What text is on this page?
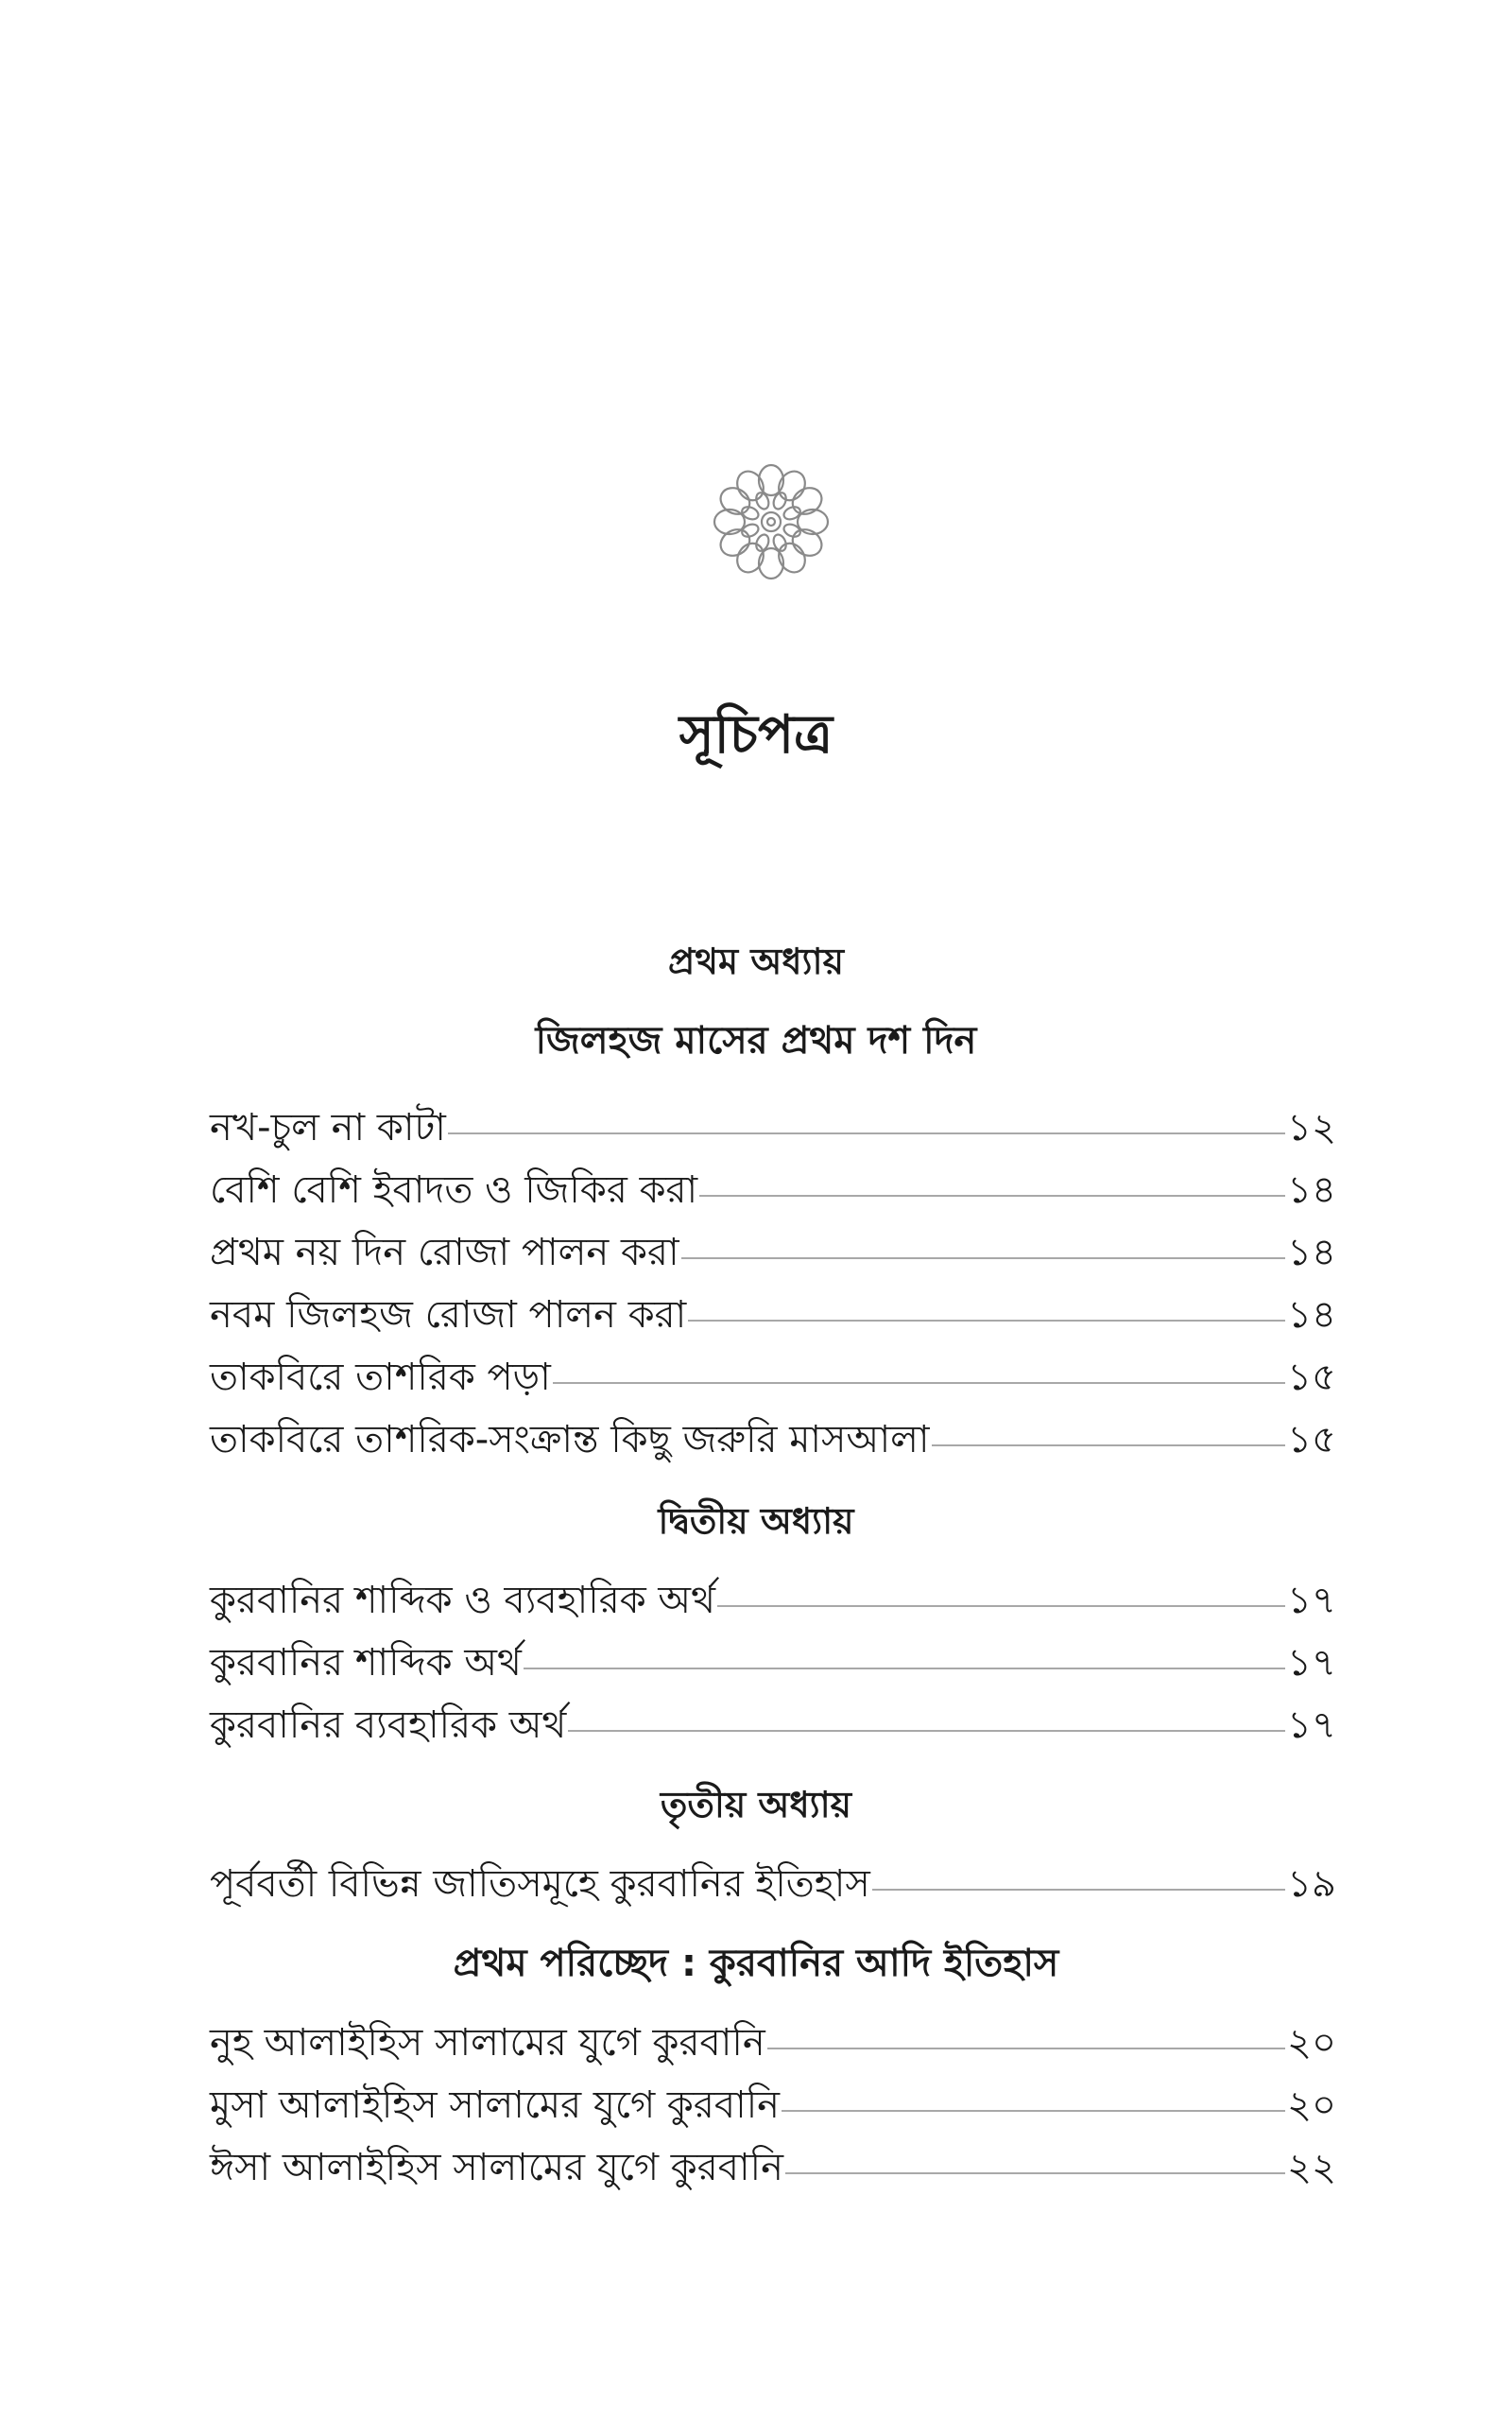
সূচিপত্র
প্রথম অধ্যায়
জিলহজ মাসের প্রথম দশ দিন
নখ-চুল না কাটা	১২
বেশি বেশি ইবাদত ও জিকির করা	১৪
প্রথম নয় দিন রোজা পালন করা	১৪
নবম জিলহজ রোজা পালন করা	১৪
তাকবিরে তাশরিক পড়া	১৫
তাকবিরে তাশরিক-সংক্রান্ত কিছু জরুরি মাসআলা	১৫
দ্বিতীয় অধ্যায়
কুরবানির শাব্দিক ও ব্যবহারিক অর্থ	১৭
কুরবানির শাব্দিক অর্থ	১৭
কুরবানির ব্যবহারিক অর্থ	১৭
তৃতীয় অধ্যায়
পূর্ববর্তী বিভিন্ন জাতিসমূহে কুরবানির ইতিহাস	১৯
প্রথম পরিচ্ছেদ : কুরবানির আদি ইতিহাস
নুহ আলাইহিস সালামের যুগে কুরবানি	২০
মুসা আলাইহিস সালামের যুগে কুরবানি	২০
ঈসা আলাইহিস সালামের যুগে কুরবানি	২২
